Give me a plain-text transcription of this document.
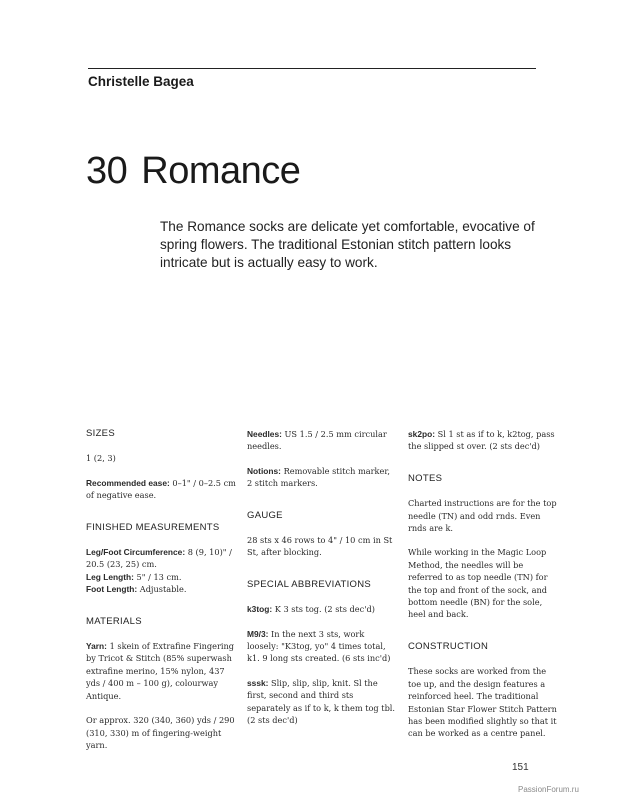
Christelle Bagea
30 Romance
The Romance socks are delicate yet comfortable, evocative of spring flowers. The traditional Estonian stitch pattern looks intricate but is actually easy to work.
SIZES
1 (2, 3)
Recommended ease: 0–1" / 0–2.5 cm of negative ease.
FINISHED MEASUREMENTS
Leg/Foot Circumference: 8 (9, 10)" / 20.5 (23, 25) cm.
Leg Length: 5" / 13 cm.
Foot Length: Adjustable.
MATERIALS
Yarn: 1 skein of Extrafine Fingering by Tricot & Stitch (85% superwash extrafine merino, 15% nylon, 437 yds / 400 m – 100 g), colourway Antique.
Or approx. 320 (340, 360) yds / 290 (310, 330) m of fingering-weight yarn.
Needles: US 1.5 / 2.5 mm circular needles.
Notions: Removable stitch marker, 2 stitch markers.
GAUGE
28 sts x 46 rows to 4" / 10 cm in St St, after blocking.
SPECIAL ABBREVIATIONS
k3tog: K 3 sts tog. (2 sts dec'd)
M9/3: In the next 3 sts, work loosely: "K3tog, yo" 4 times total, k1. 9 long sts created. (6 sts inc'd)
sssk: Slip, slip, slip, knit. Sl the first, second and third sts separately as if to k, k them tog tbl. (2 sts dec'd)
sk2po: Sl 1 st as if to k, k2tog, pass the slipped st over. (2 sts dec'd)
NOTES
Charted instructions are for the top needle (TN) and odd rnds. Even rnds are k.
While working in the Magic Loop Method, the needles will be referred to as top needle (TN) for the top and front of the sock, and bottom needle (BN) for the sole, heel and back.
CONSTRUCTION
These socks are worked from the toe up, and the design features a reinforced heel. The traditional Estonian Star Flower Stitch Pattern has been modified slightly so that it can be worked as a centre panel.
151
PassionForum.ru
